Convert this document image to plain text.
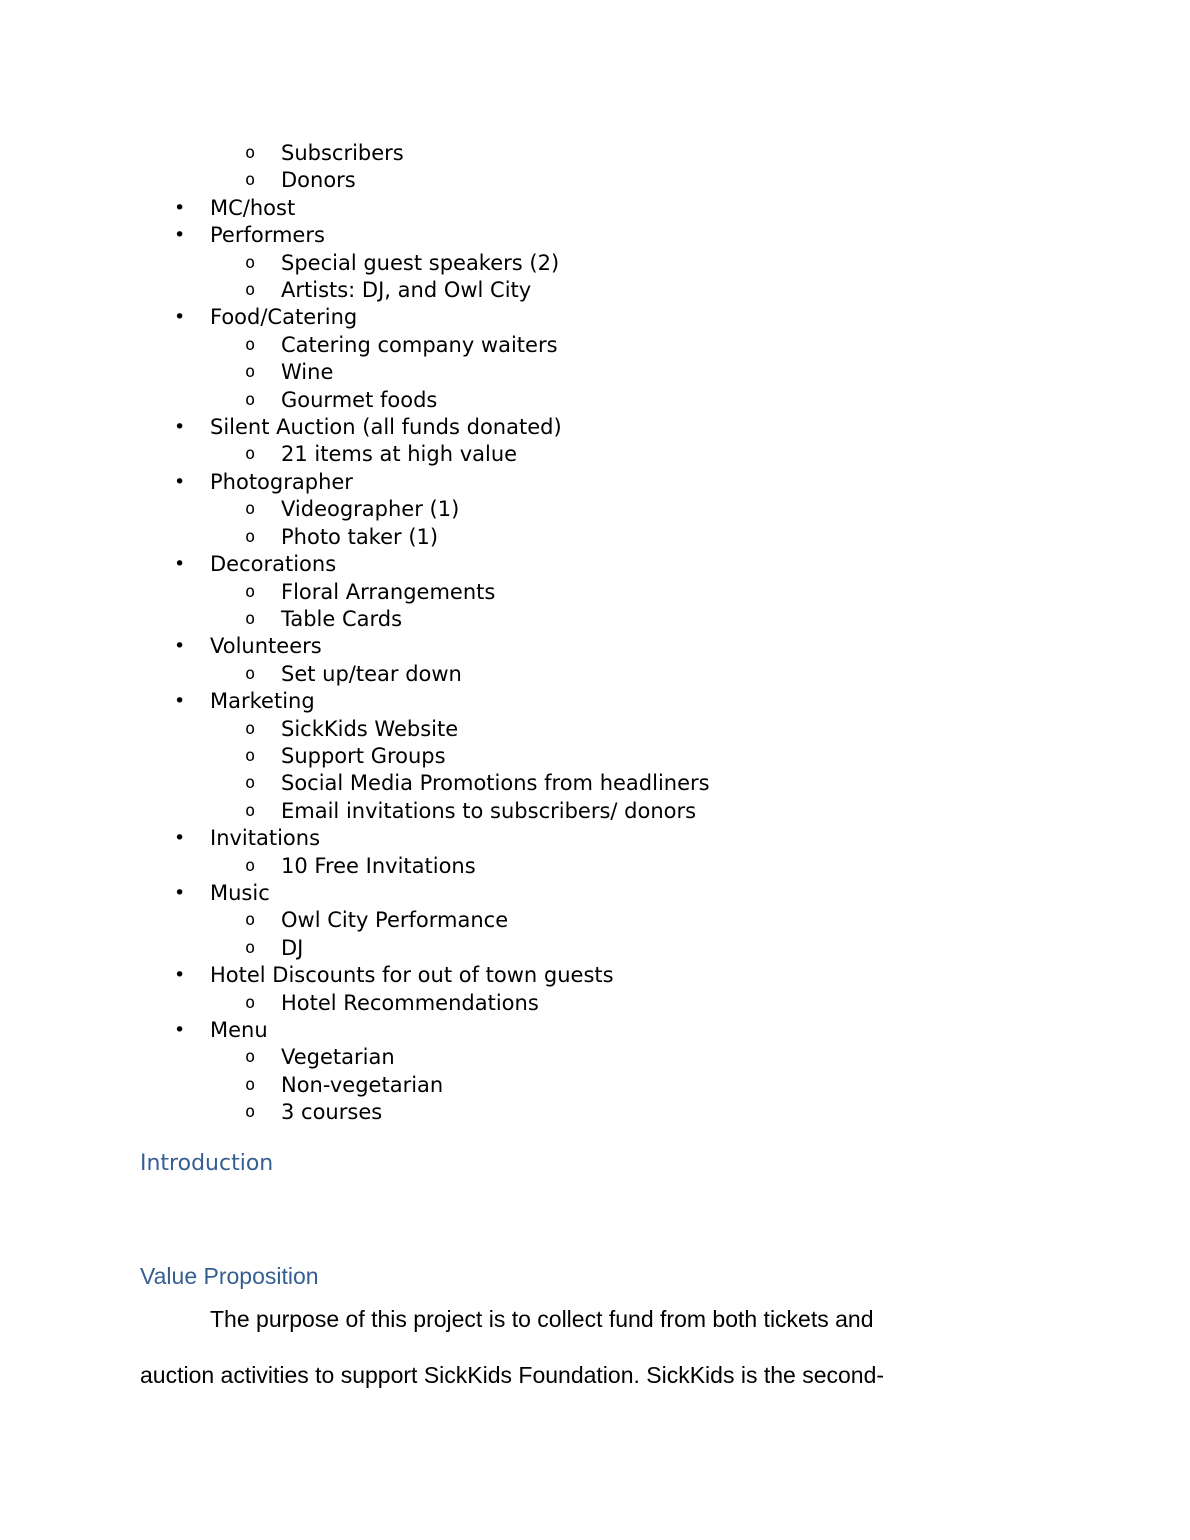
o	Subscribers
o	Donors
•	MC/host
•	Performers
o	Special guest speakers (2)
o	Artists: DJ, and Owl City
•	Food/Catering
o	Catering company waiters
o	Wine
o	Gourmet foods
•	Silent Auction (all funds donated)
o	21 items at high value
•	Photographer
o	Videographer (1)
o	Photo taker (1)
•	Decorations
o	Floral Arrangements
o	Table Cards
•	Volunteers
o	Set up/tear down
•	Marketing
o	SickKids Website
o	Support Groups
o	Social Media Promotions from headliners
o	Email invitations to subscribers/ donors
•	Invitations
o	10 Free Invitations
•	Music
o	Owl City Performance
o	DJ
•	Hotel Discounts for out of town guests
o	Hotel Recommendations
•	Menu
o	Vegetarian
o	Non-vegetarian
o	3 courses
Introduction
Value Proposition

The purpose of this project is to collect fund from both tickets and
auction activities to support SickKids Foundation. SickKids is the second-
